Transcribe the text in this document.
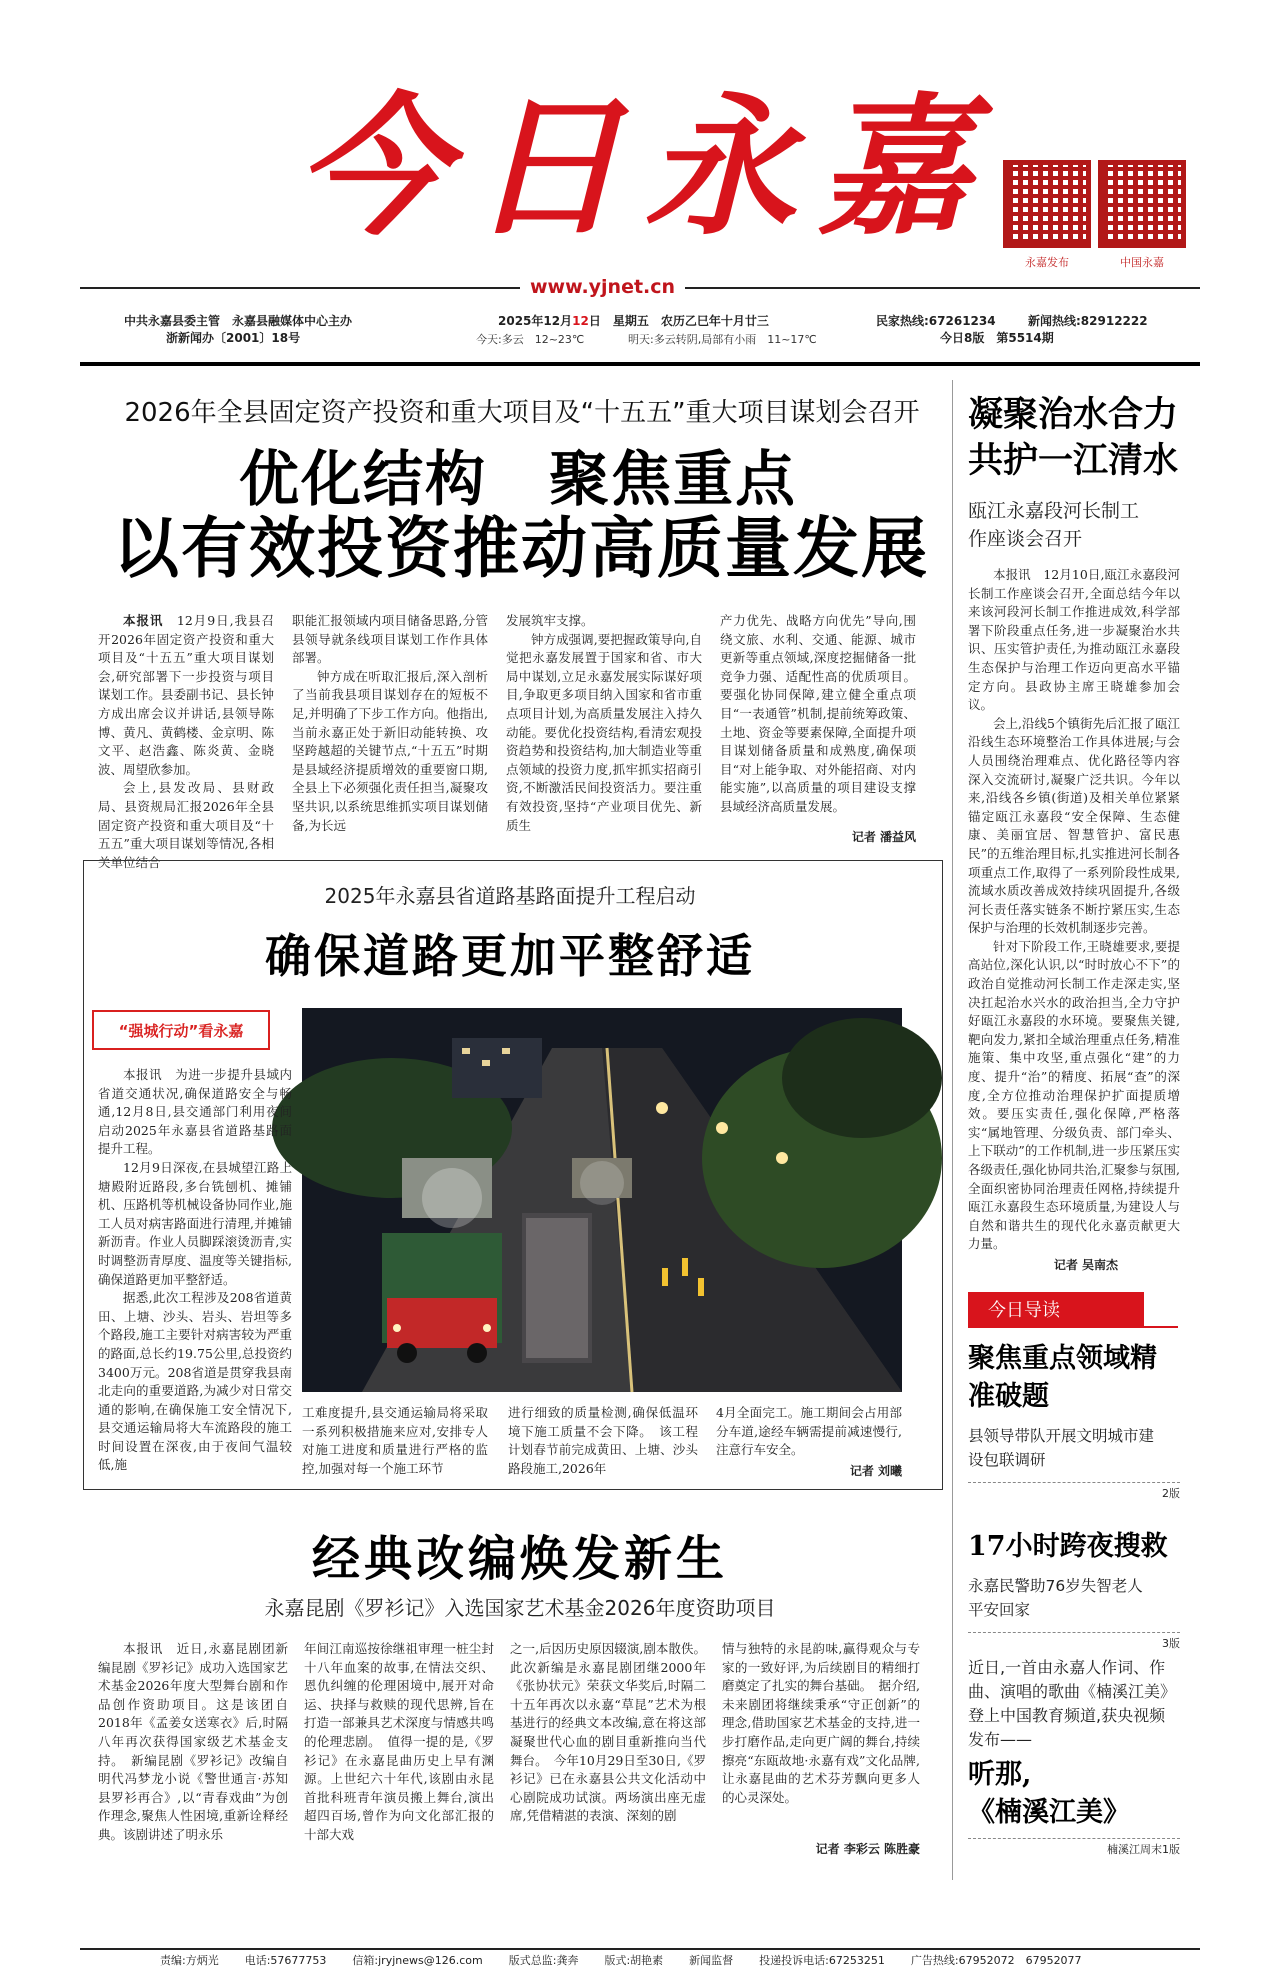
今 日 永 嘉
永嘉发布	中国永嘉
www.yjnet.cn
中共永嘉县委主管　永嘉县融媒体中心主办
浙新闻办〔2001〕18号
2025年12月12日　星期五　农历乙巳年十月廿三
今天:多云　12~23℃	明天:多云转阴,局部有小雨　11~17℃
民家热线:67261234	新闻热线:82912222
今日8版　第5514期
2026年全县固定资产投资和重大项目及“十五五”重大项目谋划会召开
优化结构　聚焦重点
以有效投资推动高质量发展

本报讯　12月9日,我县召开2026年固定资产投资和重大项目及“十五五”重大项目谋划会,研究部署下一步投资与项目谋划工作。县委副书记、县长钟方成出席会议并讲话,县领导陈博、黄凡、黄鹤楼、金京明、陈文平、赵浩鑫、陈炎黄、金晓波、周望欣参加。

会上,县发改局、县财政局、县资规局汇报2026年全县固定资产投资和重大项目及“十五五”重大项目谋划等情况,各相关单位结合

职能汇报领域内项目储备思路,分管县领导就条线项目谋划工作作具体部署。

钟方成在听取汇报后,深入剖析了当前我县项目谋划存在的短板不足,并明确了下步工作方向。他指出,当前永嘉正处于新旧动能转换、攻坚跨越超的关键节点,“十五五”时期是县域经济提质增效的重要窗口期,全县上下必须强化责任担当,凝聚攻坚共识,以系统思维抓实项目谋划储备,为长远

发展筑牢支撑。

钟方成强调,要把握政策导向,自觉把永嘉发展置于国家和省、市大局中谋划,立足永嘉发展实际谋好项目,争取更多项目纳入国家和省市重点项目计划,为高质量发展注入持久动能。要优化投资结构,看清宏观投资趋势和投资结构,加大制造业等重点领域的投资力度,抓牢抓实招商引资,不断激活民间投资活力。要注重有效投资,坚持“产业项目优先、新质生

产力优先、战略方向优先”导向,围绕文旅、水利、交通、能源、城市更新等重点领域,深度挖掘储备一批竞争力强、适配性高的优质项目。要强化协同保障,建立健全重点项目“一表通管”机制,提前统筹政策、土地、资金等要素保障,全面提升项目谋划储备质量和成熟度,确保项目“对上能争取、对外能招商、对内能实施”,以高质量的项目建设支撑县域经济高质量发展。

记者 潘益风
凝聚治水合力
共护一江清水
瓯江永嘉段河长制工
作座谈会召开

本报讯　12月10日,瓯江永嘉段河长制工作座谈会召开,全面总结今年以来该河段河长制工作推进成效,科学部署下阶段重点任务,进一步凝聚治水共识、压实管护责任,为推动瓯江永嘉段生态保护与治理工作迈向更高水平锚定方向。县政协主席王晓雄参加会议。

会上,沿线5个镇街先后汇报了瓯江沿线生态环境整治工作具体进展;与会人员围绕治理难点、优化路径等内容深入交流研讨,凝聚广泛共识。今年以来,沿线各乡镇(街道)及相关单位紧紧锚定瓯江永嘉段“安全保障、生态健康、美丽宜居、智慧管护、富民惠民”的五维治理目标,扎实推进河长制各项重点工作,取得了一系列阶段性成果,流域水质改善成效持续巩固提升,各级河长责任落实链条不断拧紧压实,生态保护与治理的长效机制逐步完善。

针对下阶段工作,王晓雄要求,要提高站位,深化认识,以“时时放心不下”的政治自觉推动河长制工作走深走实,坚决扛起治水兴水的政治担当,全力守护好瓯江永嘉段的水环境。要聚焦关键,靶向发力,紧扣全域治理重点任务,精准施策、集中攻坚,重点强化“建”的力度、提升“治”的精度、拓展“查”的深度,全方位推动治理保护扩面提质增效。要压实责任,强化保障,严格落实“属地管理、分级负责、部门牵头、上下联动”的工作机制,进一步压紧压实各级责任,强化协同共治,汇聚参与氛围,全面织密协同治理责任网格,持续提升瓯江永嘉段生态环境质量,为建设人与自然和谐共生的现代化永嘉贡献更大力量。

记者 吴南杰
2025年永嘉县省道路基路面提升工程启动
确保道路更加平整舒适
“强城行动”看永嘉

本报讯　为进一步提升县域内省道交通状况,确保道路安全与畅通,12月8日,县交通部门利用夜间启动2025年永嘉县省道路基路面提升工程。

12月9日深夜,在县城望江路上塘殿附近路段,多台铣刨机、摊铺机、压路机等机械设备协同作业,施工人员对病害路面进行清理,并摊铺新沥青。作业人员脚踩滚烫沥青,实时调整沥青厚度、温度等关键指标,确保道路更加平整舒适。

据悉,此次工程涉及208省道黄田、上塘、沙头、岩头、岩坦等多个路段,施工主要针对病害较为严重的路面,总长约19.75公里,总投资约3400万元。208省道是贯穿我县南北走向的重要道路,为减少对日常交通的影响,在确保施工安全情况下,县交通运输局将大车流路段的施工时间设置在深夜,由于夜间气温较低,施

工难度提升,县交通运输局将采取一系列积极措施来应对,安排专人对施工进度和质量进行严格的监控,加强对每一个施工环节

进行细致的质量检测,确保低温环境下施工质量不会下降。　该工程计划春节前完成黄田、上塘、沙头路段施工,2026年

4月全面完工。施工期间会占用部分车道,途经车辆需提前减速慢行,注意行车安全。

记者 刘曦
经典改编焕发新生
永嘉昆剧《罗衫记》入选国家艺术基金2026年度资助项目

本报讯　近日,永嘉昆剧团新编昆剧《罗衫记》成功入选国家艺术基金2026年度大型舞台剧和作品创作资助项目。这是该团自2018年《孟姜女送寒衣》后,时隔八年再次获得国家级艺术基金支持。　新编昆剧《罗衫记》改编自明代冯梦龙小说《警世通言·苏知县罗衫再合》,以“青春戏曲”为创作理念,聚焦人性困境,重新诠释经典。该剧讲述了明永乐

年间江南巡按徐继祖审理一桩尘封十八年血案的故事,在情法交织、恩仇纠缠的伦理困境中,展开对命运、抉择与救赎的现代思辨,旨在打造一部兼具艺术深度与情感共鸣的伦理悲剧。　值得一提的是,《罗衫记》在永嘉昆曲历史上早有渊源。上世纪六十年代,该剧由永昆首批科班青年演员搬上舞台,演出超四百场,曾作为向文化部汇报的十部大戏

之一,后因历史原因辍演,剧本散佚。此次新编是永嘉昆剧团继2000年《张协状元》荣获文华奖后,时隔二十五年再次以永嘉“草昆”艺术为根基进行的经典文本改编,意在将这部凝聚世代心血的剧目重新推向当代舞台。　今年10月29日至30日,《罗衫记》已在永嘉县公共文化活动中心剧院成功试演。两场演出座无虚席,凭借精湛的表演、深刻的剧

情与独特的永昆韵味,赢得观众与专家的一致好评,为后续剧目的精细打磨奠定了扎实的舞台基础。　据介绍,未来剧团将继续秉承“守正创新”的理念,借助国家艺术基金的支持,进一步打磨作品,走向更广阔的舞台,持续擦亮“东瓯故地·永嘉有戏”文化品牌,让永嘉昆曲的艺术芬芳飘向更多人的心灵深处。

记者 李彩云 陈胜豪
今日导读
聚焦重点领域精
准破题
县领导带队开展文明城市建
设包联调研
2版
17小时跨夜搜救
永嘉民警助76岁失智老人
平安回家
3版
近日,一首由永嘉人作词、作曲、演唱的歌曲《楠溪江美》登上中国教育频道,获央视频发布——
听那,
《楠溪江美》
楠溪江周末1版
责编:方炳光 电话:57677753 信箱:jryjnews@126.com 版式总监:龚奔 版式:胡艳素 新闻监督 投递投诉电话:67253251 广告热线:67952072　67952077
